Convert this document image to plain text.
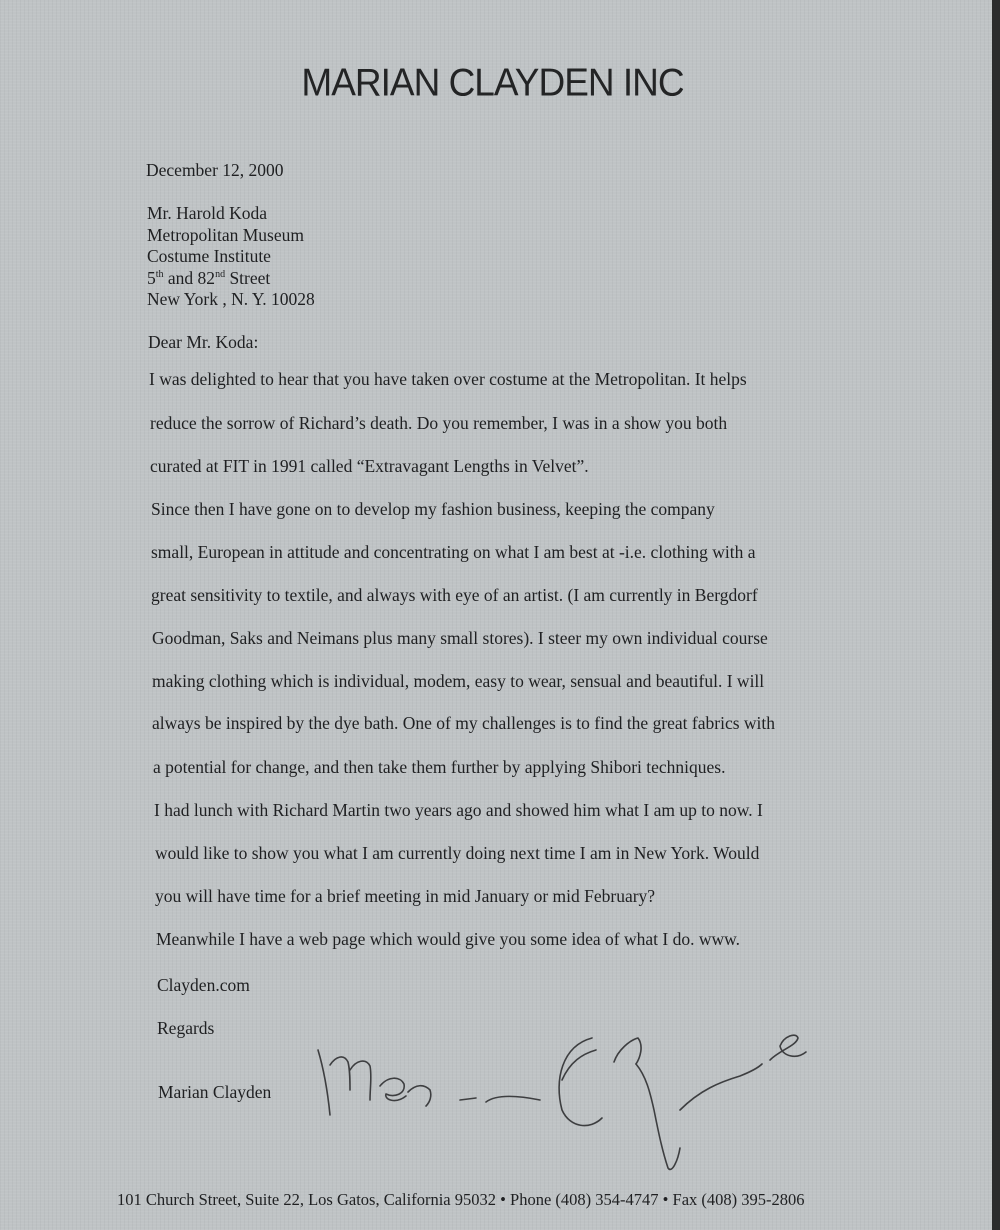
MARIAN CLAYDEN INC
December 12, 2000
Mr. Harold Koda
Metropolitan Museum
Costume Institute
5th and 82nd Street
New York , N. Y. 10028
Dear Mr. Koda:
I was delighted to hear that you have taken over costume at the Metropolitan. It helps
reduce the sorrow of Richard’s death. Do you remember, I was in a show you both
curated at FIT in 1991 called “Extravagant Lengths in Velvet”.
Since then I have gone on to develop my fashion business, keeping the company
small, European in attitude and concentrating on what I am best at -i.e. clothing with a
great sensitivity to textile, and always with eye of an artist. (I am currently in Bergdorf
Goodman, Saks and Neimans plus many small stores). I steer my own individual course
making clothing which is individual, modem, easy to wear, sensual and beautiful. I will
always be inspired by the dye bath. One of my challenges is to find the great fabrics with
a potential for change, and then take them further by applying Shibori techniques.
I had lunch with Richard Martin two years ago and showed him what I am up to now. I
would like to show you what I am currently doing next time I am in New York. Would
you will have time for a brief meeting in mid January or mid February?
Meanwhile I have a web page which would give you some idea of what I do. www.
Clayden.com
Regards
Marian Clayden
101 Church Street, Suite 22, Los Gatos, California 95032 • Phone (408) 354-4747 • Fax (408) 395-2806
